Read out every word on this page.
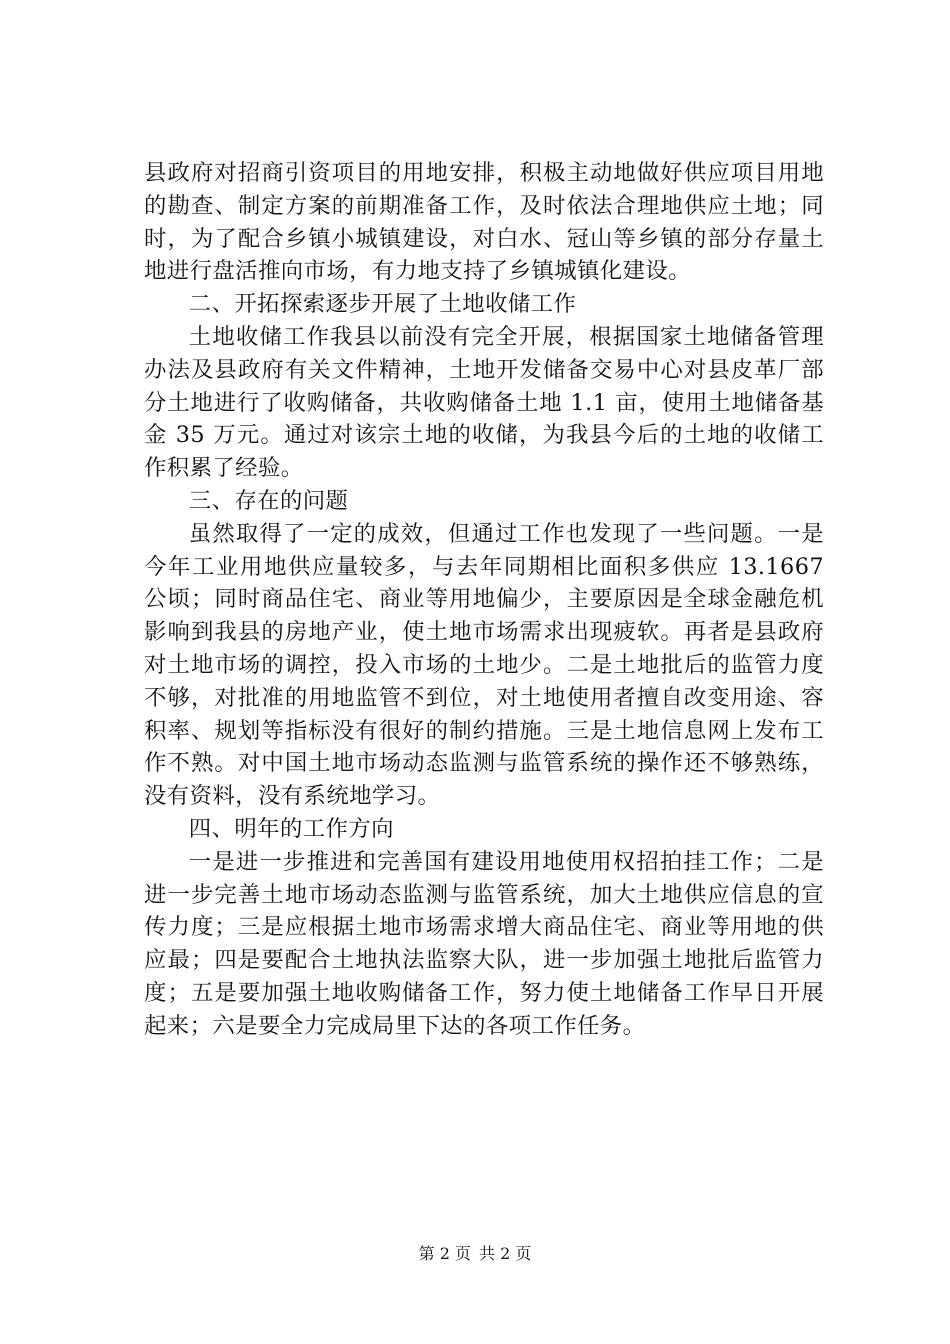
县政府对招商引资项目的用地安排，积极主动地做好供应项目用地的勘查、制定方案的前期准备工作，及时依法合理地供应土地；同时，为了配合乡镇小城镇建设，对白水、冠山等乡镇的部分存量土地进行盘活推向市场，有力地支持了乡镇城镇化建设。

二、开拓探索逐步开展了土地收储工作

土地收储工作我县以前没有完全开展，根据国家土地储备管理办法及县政府有关文件精神，土地开发储备交易中心对县皮革厂部分土地进行了收购储备，共收购储备土地 1.1 亩，使用土地储备基金 35 万元。通过对该宗土地的收储，为我县今后的土地的收储工作积累了经验。

三、存在的问题

虽然取得了一定的成效，但通过工作也发现了一些问题。一是今年工业用地供应量较多，与去年同期相比面积多供应 13.1667 公顷；同时商品住宅、商业等用地偏少，主要原因是全球金融危机影响到我县的房地产业，使土地市场需求出现疲软。再者是县政府对土地市场的调控，投入市场的土地少。二是土地批后的监管力度不够，对批准的用地监管不到位，对土地使用者擅自改变用途、容积率、规划等指标没有很好的制约措施。三是土地信息网上发布工作不熟。对中国土地市场动态监测与监管系统的操作还不够熟练，没有资料，没有系统地学习。

四、明年的工作方向

一是进一步推进和完善国有建设用地使用权招拍挂工作；二是进一步完善土地市场动态监测与监管系统，加大土地供应信息的宣传力度；三是应根据土地市场需求增大商品住宅、商业等用地的供应最；四是要配合土地执法监察大队，进一步加强土地批后监管力度；五是要加强土地收购储备工作，努力使土地储备工作早日开展起来；六是要全力完成局里下达的各项工作任务。

第 2 页 共 2 页
